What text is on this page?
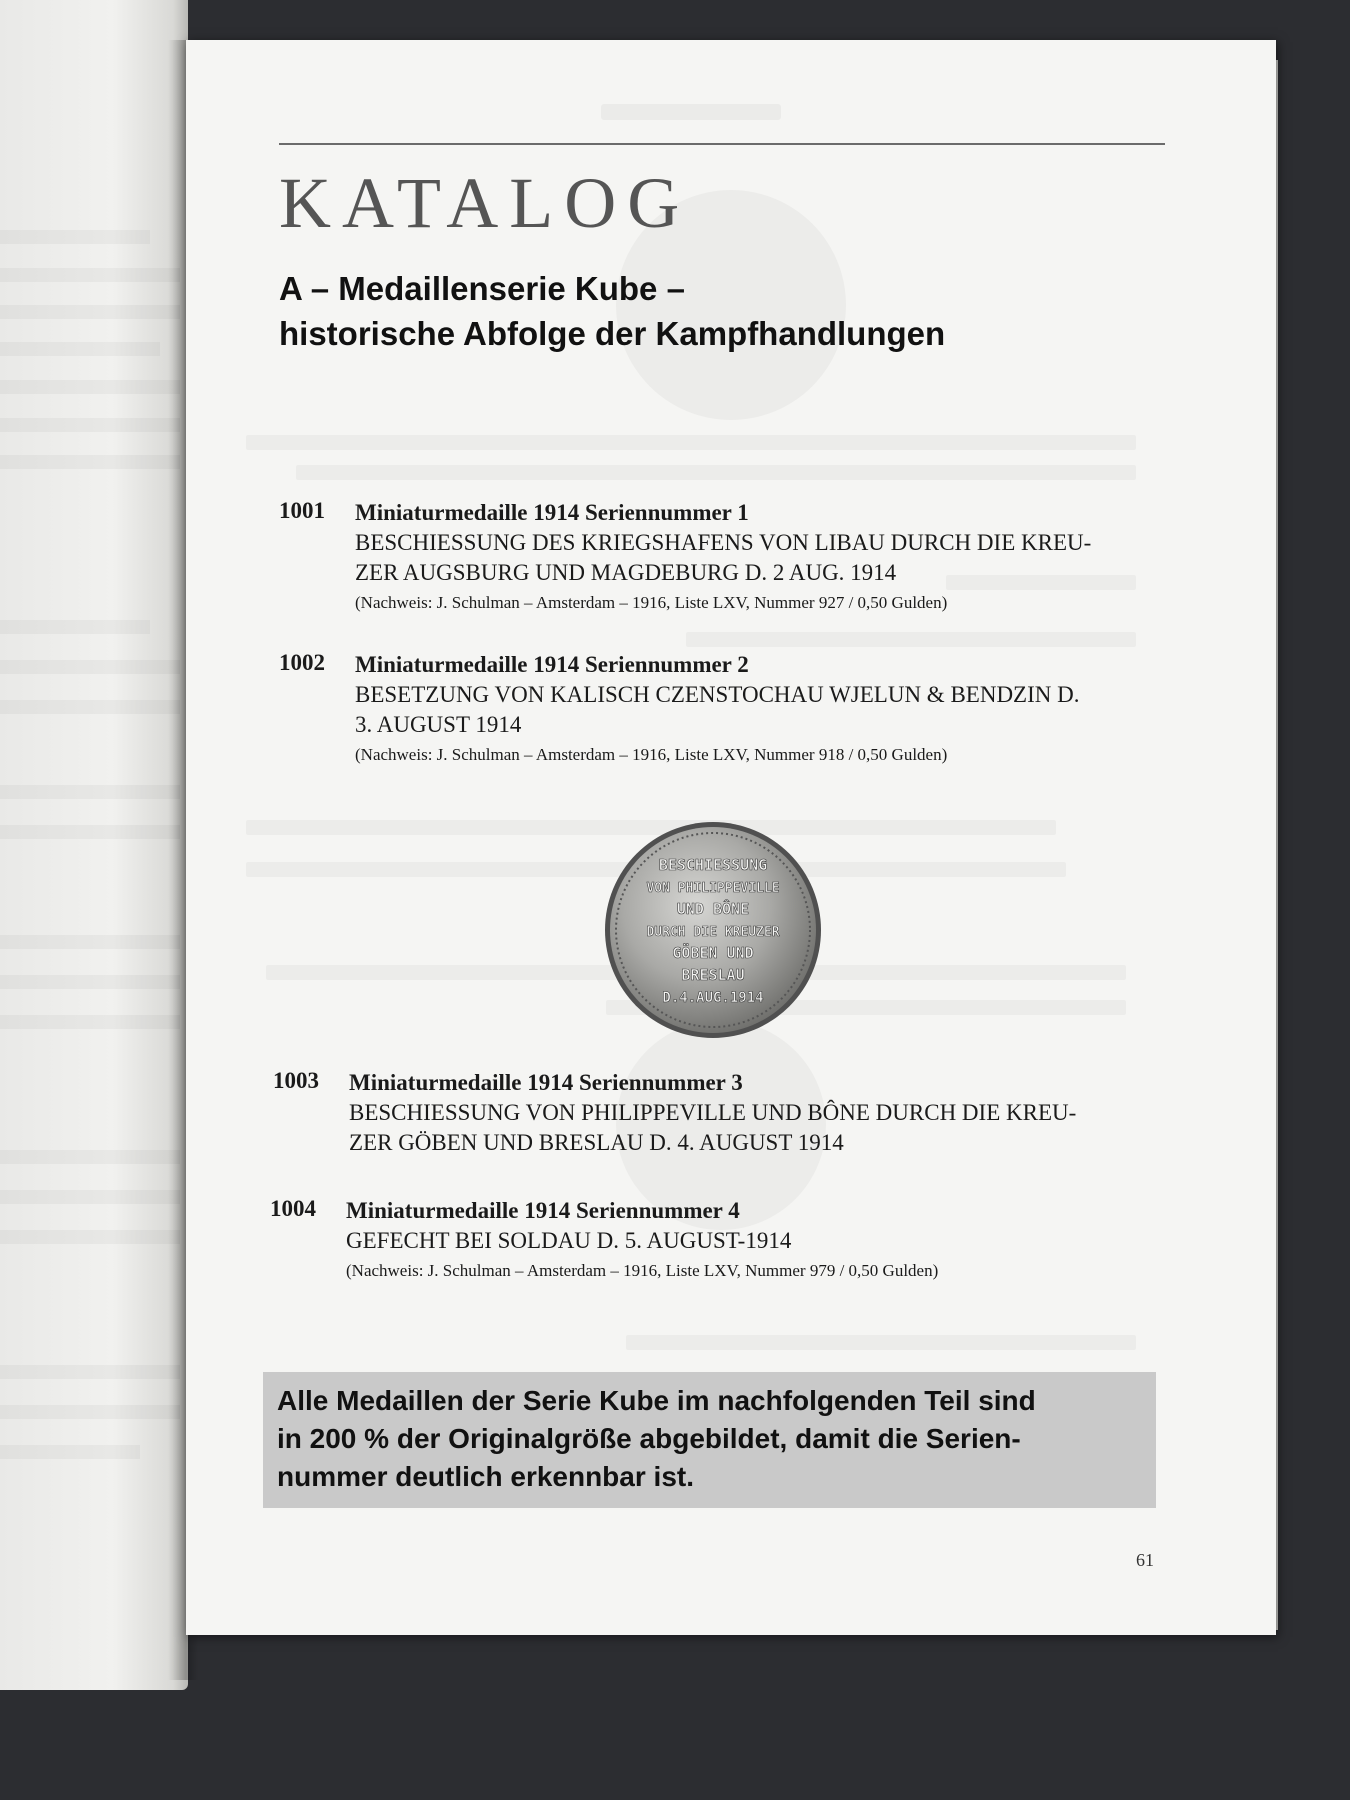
KATALOG
A – Medaillenserie Kube –
historische Abfolge der Kampfhandlungen
1001 Miniaturmedaille 1914 Seriennummer 1
BESCHIESSUNG DES KRIEGSHAFENS VON LIBAU DURCH DIE KREU-
ZER AUGSBURG UND MAGDEBURG D. 2 AUG. 1914
(Nachweis: J. Schulman – Amsterdam – 1916, Liste LXV, Nummer 927 / 0,50 Gulden)
1002 Miniaturmedaille 1914 Seriennummer 2
BESETZUNG VON KALISCH CZENSTOCHAU WJELUN & BENDZIN D.
3. AUGUST 1914
(Nachweis: J. Schulman – Amsterdam – 1916, Liste LXV, Nummer 918 / 0,50 Gulden)
BESCHIESSUNG
VON PHILIPPEVILLE
UND BÔNE
DURCH DIE KREUZER
GÖBEN UND
BRESLAU
D.4.AUG.1914
1003 Miniaturmedaille 1914 Seriennummer 3
BESCHIESSUNG VON PHILIPPEVILLE UND BÔNE DURCH DIE KREU-
ZER GÖBEN UND BRESLAU D. 4. AUGUST 1914
1004 Miniaturmedaille 1914 Seriennummer 4
GEFECHT BEI SOLDAU D. 5. AUGUST-1914
(Nachweis: J. Schulman – Amsterdam – 1916, Liste LXV, Nummer 979 / 0,50 Gulden)

Alle Medaillen der Serie Kube im nachfolgenden Teil sind
in 200 % der Originalgröße abgebildet, damit die Serien-
nummer deutlich erkennbar ist.

61
